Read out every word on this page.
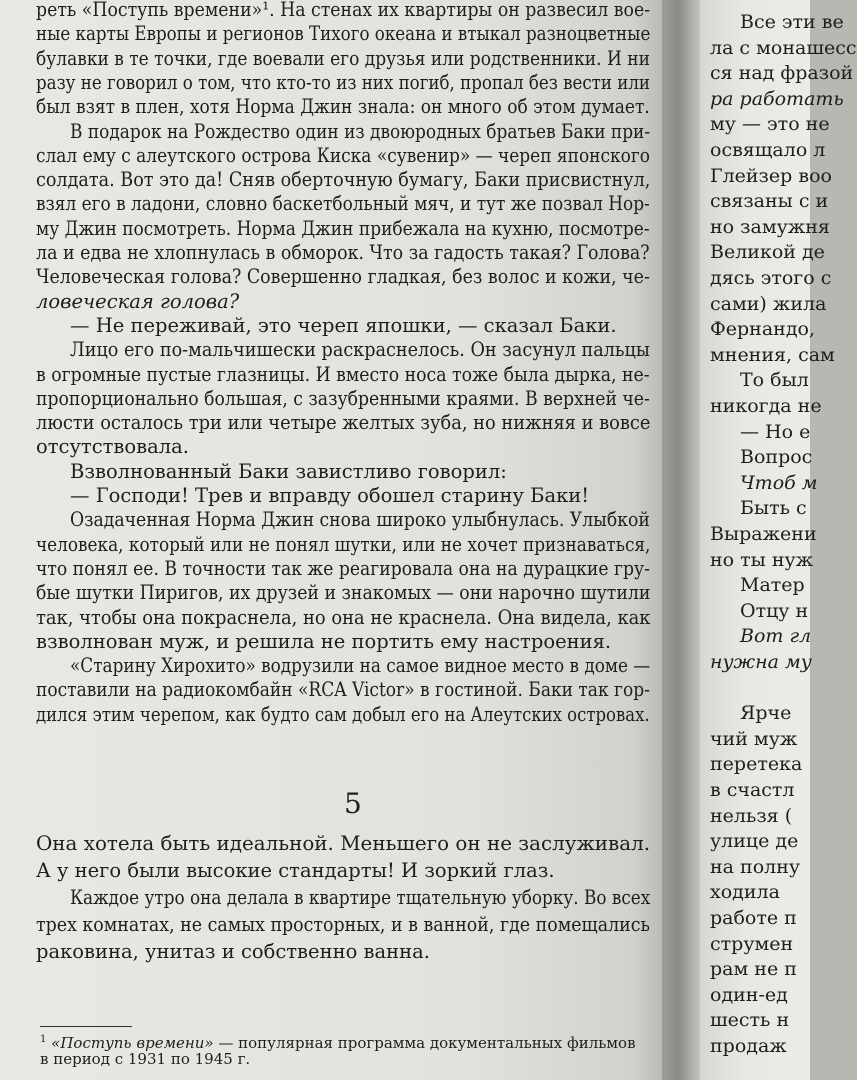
реть «Поступь времени»¹. На стенах их квартиры он развесил вое-
ные карты Европы и регионов Тихого океана и втыкал разноцветные
булавки в те точки, где воевали его друзья или родственники. И ни
разу не говорил о том, что кто-то из них погиб, пропал без вести или
был взят в плен, хотя Норма Джин знала: он много об этом думает.
В подарок на Рождество один из двоюродных братьев Баки при-
слал ему с алеутского острова Киска «сувенир» — череп японского
солдата. Вот это да! Сняв оберточную бумагу, Баки присвистнул,
взял его в ладони, словно баскетбольный мяч, и тут же позвал Нор-
му Джин посмотреть. Норма Джин прибежала на кухню, посмотре-
ла и едва не хлопнулась в обморок. Что за гадость такая? Голова?
Человеческая голова? Совершенно гладкая, без волос и кожи, че-
ловеческая голова?
— Не переживай, это череп япошки, — сказал Баки.
Лицо его по-мальчишески раскраснелось. Он засунул пальцы
в огромные пустые глазницы. И вместо носа тоже была дырка, не-
пропорционально большая, с зазубренными краями. В верхней че-
люсти осталось три или четыре желтых зуба, но нижняя и вовсе
отсутствовала.
Взволнованный Баки завистливо говорил:
— Господи! Трев и вправду обошел старину Баки!
Озадаченная Норма Джин снова широко улыбнулась. Улыбкой
человека, который или не понял шутки, или не хочет признаваться,
что понял ее. В точности так же реагировала она на дурацкие гру-
бые шутки Пиригов, их друзей и знакомых — они нарочно шутили
так, чтобы она покраснела, но она не краснела. Она видела, как
взволнован муж, и решила не портить ему настроения.
«Старину Хирохито» водрузили на самое видное место в доме —
поставили на радиокомбайн «RCA Victor» в гостиной. Баки так гор-
дился этим черепом, как будто сам добыл его на Алеутских островах.
Она хотела быть идеальной. Меньшего он не заслуживал.
А у него были высокие стандарты! И зоркий глаз.
Каждое утро она делала в квартире тщательную уборку. Во всех
трех комнатах, не самых просторных, и в ванной, где помещались
раковина, унитаз и собственно ванна.
5
$^1$ «Поступь времени» — популярная программа документальных фильмов
в период с 1931 по 1945 г.
Все эти ве
ла с монашесс
ся над фразой
ра работать
му — это не
освящало л
Глейзер воо
связаны с и
но замужня
Великой де
дясь этого с
сами) жила
Фернандо,
мнения, сам
То был
никогда не
— Но е
Вопрос
Чтоб м
Быть с
Выражени
но ты нуж
Матер
Отцу н
Вот гл
нужна му
Ярче
чий муж
перетека
в счастл
нельзя (
улице де
на полну
ходила
работе п
струмен
рам не п
один-ед
шесть н
продаж
